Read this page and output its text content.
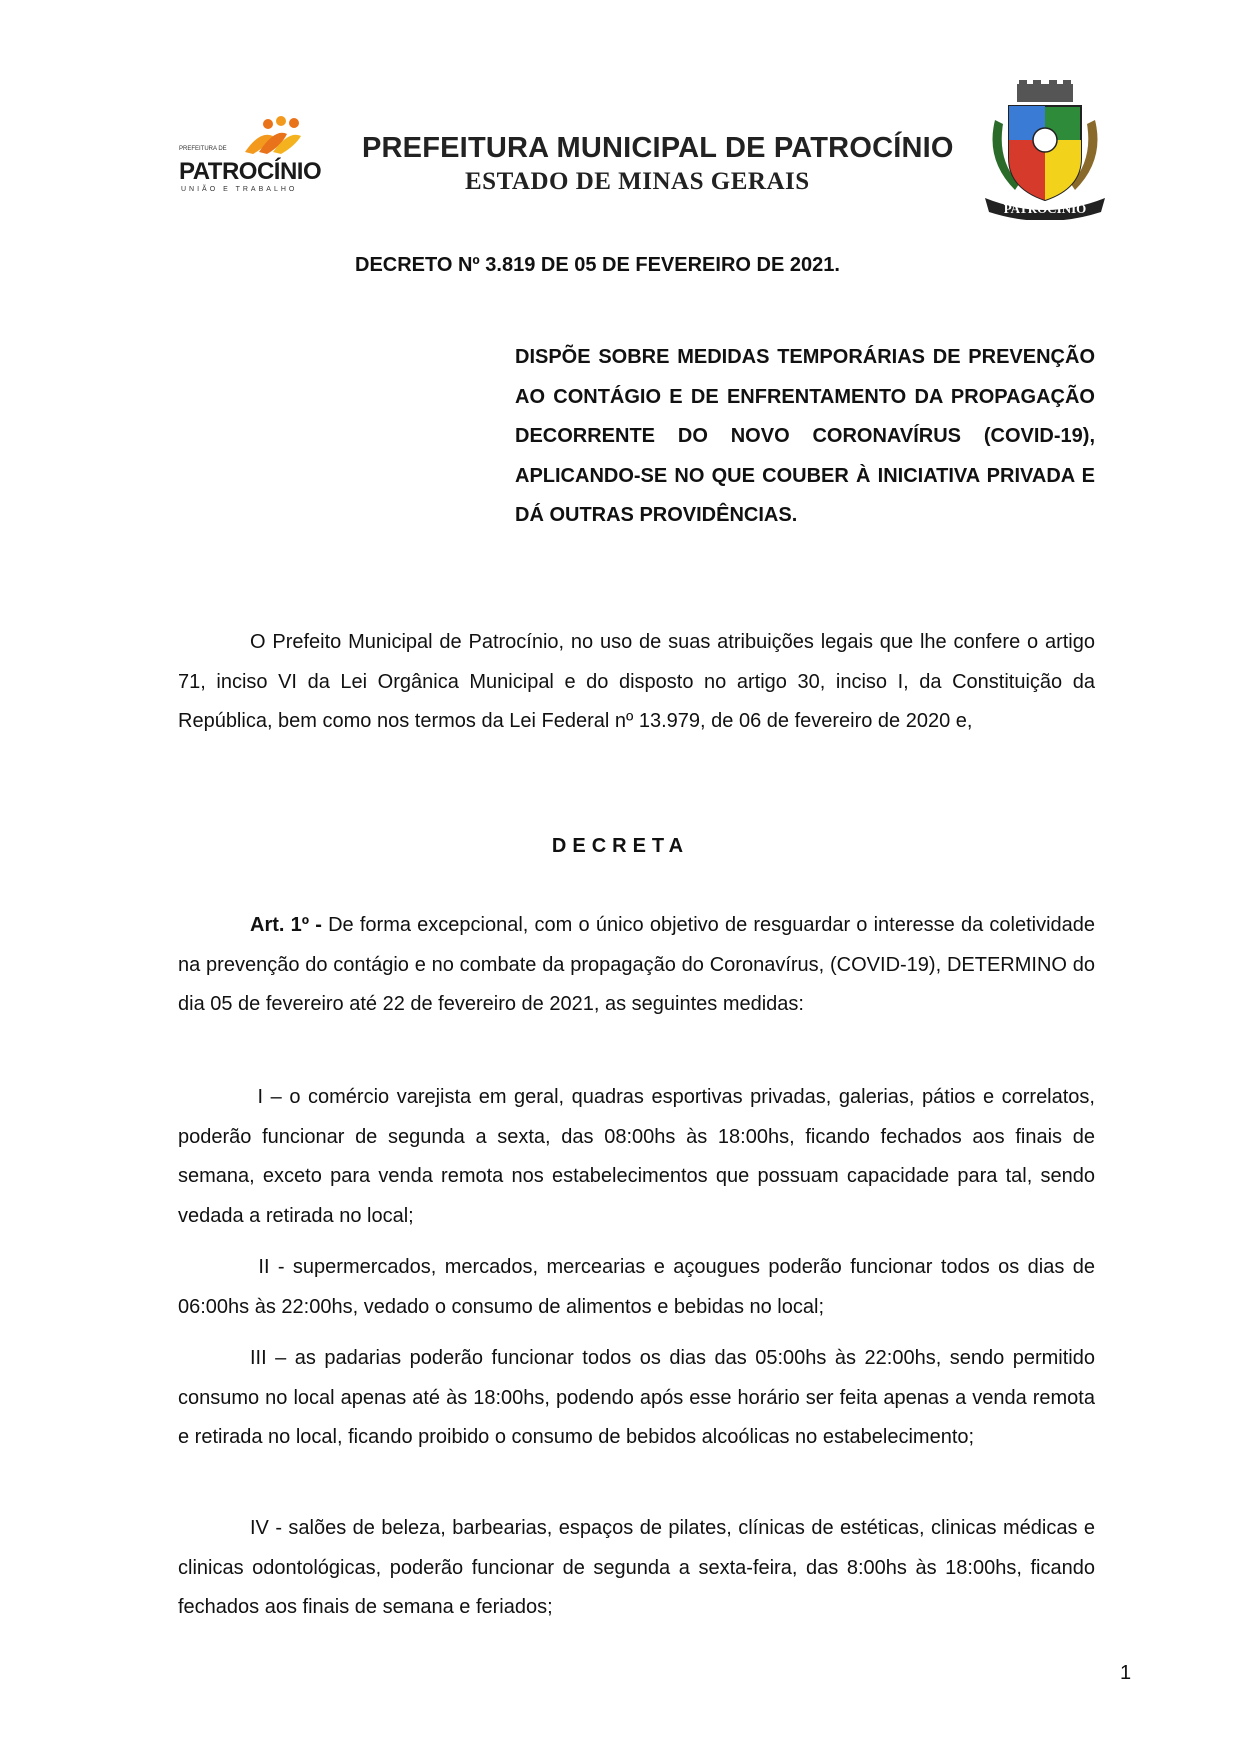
PREFEITURA DE
PATROCÍNIO
UNIÃO E TRABALHO
PREFEITURA MUNICIPAL DE PATROCÍNIO
ESTADO DE MINAS GERAIS
PATROCÍNIO
DECRETO Nº 3.819 DE 05 DE FEVEREIRO DE 2021.
DISPÕE SOBRE MEDIDAS TEMPORÁRIAS DE PREVENÇÃO AO CONTÁGIO E DE ENFRENTAMENTO DA PROPAGAÇÃO DECORRENTE DO NOVO CORONAVÍRUS (COVID-19), APLICANDO-SE NO QUE COUBER À INICIATIVA PRIVADA E DÁ OUTRAS PROVIDÊNCIAS.

O Prefeito Municipal de Patrocínio, no uso de suas atribuições legais que lhe confere o artigo 71, inciso VI da Lei Orgânica Municipal e do disposto no artigo 30, inciso I, da Constituição da República, bem como nos termos da Lei Federal nº 13.979, de 06 de fevereiro de 2020 e,

DECRETA

Art. 1º - De forma excepcional, com o único objetivo de resguardar o interesse da coletividade na prevenção do contágio e no combate da propagação do Coronavírus, (COVID-19), DETERMINO do dia 05 de fevereiro até 22 de fevereiro de 2021, as seguintes medidas:

I – o comércio varejista em geral, quadras esportivas privadas, galerias, pátios e correlatos, poderão funcionar de segunda a sexta, das 08:00hs às 18:00hs, ficando fechados aos finais de semana, exceto para venda remota nos estabelecimentos que possuam capacidade para tal, sendo vedada a retirada no local;

II - supermercados, mercados, mercearias e açougues poderão funcionar todos os dias de 06:00hs às 22:00hs, vedado o consumo de alimentos e bebidas no local;

III – as padarias poderão funcionar todos os dias das 05:00hs às 22:00hs, sendo permitido consumo no local apenas até às 18:00hs, podendo após esse horário ser feita apenas a venda remota e retirada no local, ficando proibido o consumo de bebidos alcoólicas no estabelecimento;

IV - salões de beleza, barbearias, espaços de pilates, clínicas de estéticas, clinicas médicas e clinicas odontológicas, poderão funcionar de segunda a sexta-feira, das 8:00hs às 18:00hs, ficando fechados aos finais de semana e feriados;

1
